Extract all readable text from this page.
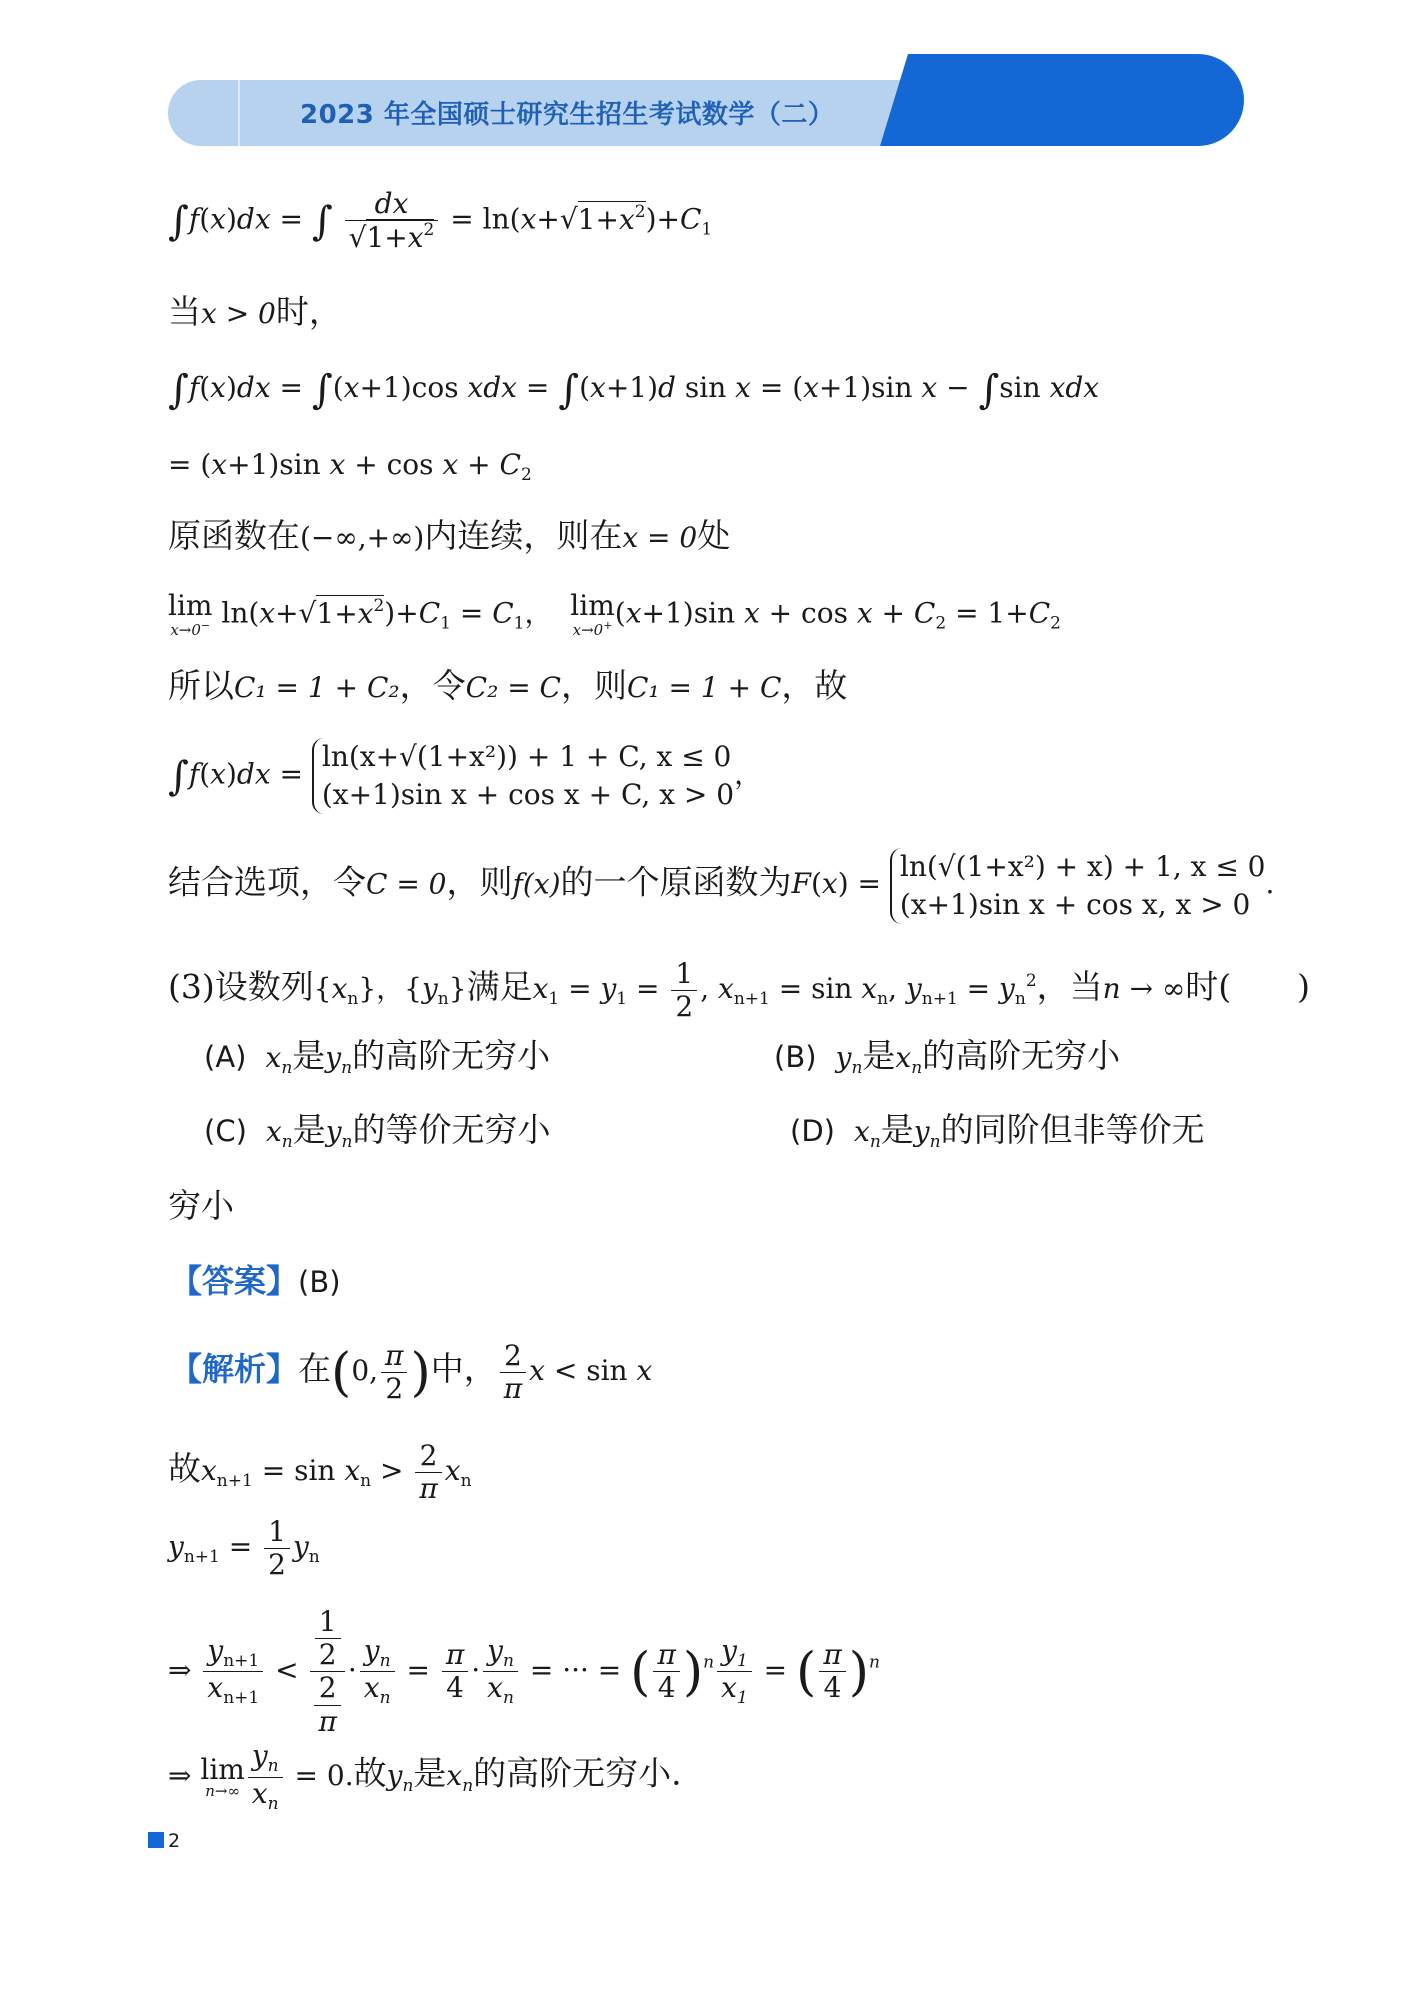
2023 年全国硕士研究生招生考试数学（二）
∫f(x)dx = ∫ $\frac{dx}{√1+x^2} = \ln(x+√1+x^2)+C_1$
当x > 0时，
∫f(x)dx = ∫(x+1)cos xdx = ∫(x+1)d sin x = (x+1)sin x − ∫sin xdx
= (x+1)sin $x + \cos x + C_2$
原函数在(−∞,+∞)内连续，则在x = 0处
lim
x→0− $\ln(x+√1+x^2)+C_1 = C_1$，  lim
x→0+ (x+1)sin $x + \cos x + C_2 = 1+C_2$
所以C₁ = 1 + C₂，令C₂ = C，则C₁ = 1 + C，故
∫f(x)dx =
ln(x+√(1+x²)) + 1 + C, x ≤ 0
(x+1)sin x + cos x + C, x > 0
，
结合选项，令C = 0，则f(x)的一个原函数为F(x) =
ln(√(1+x²) + x) + 1, x ≤ 0
(x+1)sin x + cos x, x > 0
.
(3)设数列$\{x_n\}$，$\{y_n\}$满足$x_1 = y_1 = \frac{1}{2}$ , $x_{n+1} = \sin x_n$, $y_{n+1} = y_n^2$，当n → ∞时(　　)
(A) $x_n$是$y_n$的高阶无穷小	(B) $y_n$是$x_n$的高阶无穷小
(C) $x_n$是$y_n$的等价无穷小	(D) $x_n$是$y_n$的同阶但非等价无
穷小
【答案】(B)
【解析】在(0, $\frac{\pi}{2}$ )中， $\frac{2}{\pi}$ x < sin x
故$x_{n+1} = \sin x_n > \frac{2}{\pi} x_n$
$y_{n+1} = \frac{1}{2} y_n$
⇒ $\frac{y_{n+1}}{x_{n+1}} < \frac{\frac{1}{2}}{\frac{2}{\pi}} \cdot \frac{y_n}{x_n} = \frac{\pi}{4} \cdot \frac{y_n}{x_n}$ = ··· = ( $\frac{\pi}{4} )^n \frac{y_1}{x_1}$ = ( $\frac{\pi}{4} )^n$
⇒ lim
$n\to\infty \frac{y_n}{x_n} = 0$.故$y_n$是$x_n$的高阶无穷小.
2
